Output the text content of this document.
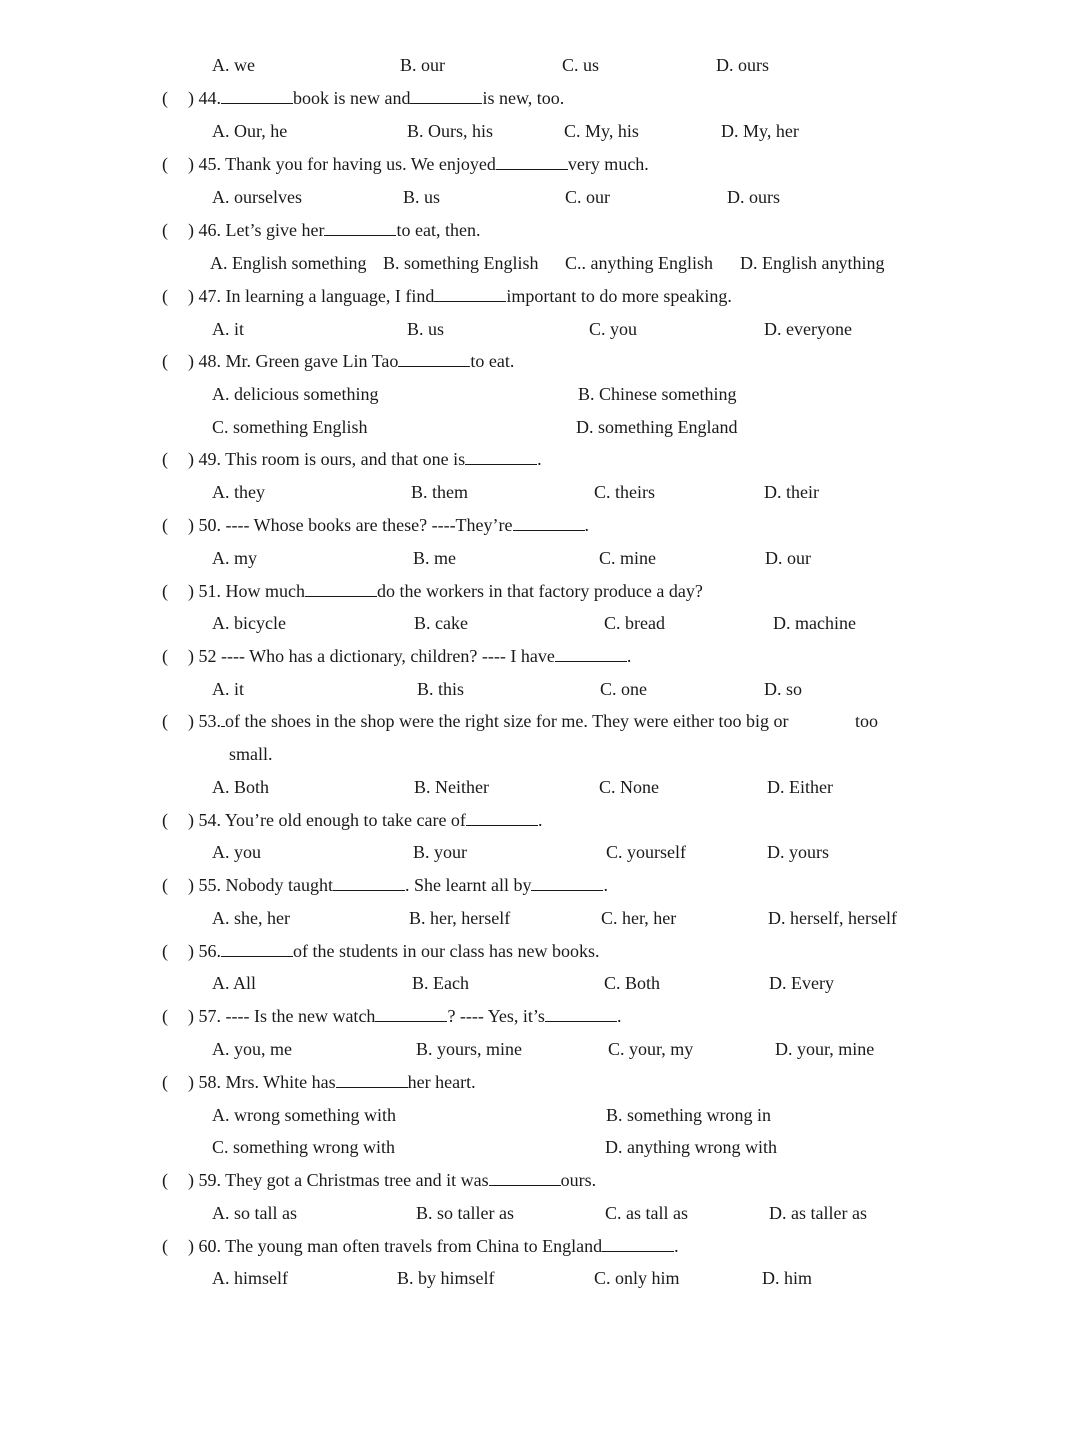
A. we	B. our	C. us	D. ours
( ) 44.	book is new and	is new, too.
A. Our, he	B. Ours, his	C. My, his	D. My, her
( ) 45. Thank you for having us. We enjoyed	very much.
A. ourselves	B. us	C. our	D. ours
( ) 46. Let’s give her	to eat, then.
A. English something B. something English C.. anything English D. English anything
( ) 47. In learning a language, I find	important to do more speaking.
A. it	B. us	C. you	D. everyone
( ) 48. Mr. Green gave Lin Tao	to eat.
A. delicious something	B. Chinese something
C. something English	D. something England
( ) 49. This room is ours, and that one is	.
A. they	B. them	C. theirs	D. their
( ) 50. ---- Whose books are these? ----They’re	.
A. my	B. me	C. mine	D. our
( ) 51. How much	do the workers in that factory produce a day?
A. bicycle	B. cake	C. bread	D. machine
( ) 52 ---- Who has a dictionary, children? ---- I have	.
A. it	B. this	C. one	D. so
( ) 53. of the shoes in the shop were the right size for me. They were either too big or	too
small.
A. Both	B. Neither	C. None	D. Either
( ) 54. You’re old enough to take care of	.
A. you	B. your	C. yourself	D. yours
( ) 55. Nobody taught	. She learnt all by	.
A. she, her	B. her, herself	C. her, her	D. herself, herself
( ) 56.	of the students in our class has new books.
A. All	B. Each	C. Both	D. Every
( ) 57. ---- Is the new watch	? ---- Yes, it’s	.
A. you, me	B. yours, mine	C. your, my	D. your, mine
( ) 58. Mrs. White has	her heart.
A. wrong something with	B. something wrong in
C. something wrong with	D. anything wrong with
( ) 59. They got a Christmas tree and it was	ours.
A. so tall as	B. so taller as	C. as tall as	D. as taller as
( ) 60. The young man often travels from China to England	.
A. himself	B. by himself	C. only him	D. him
